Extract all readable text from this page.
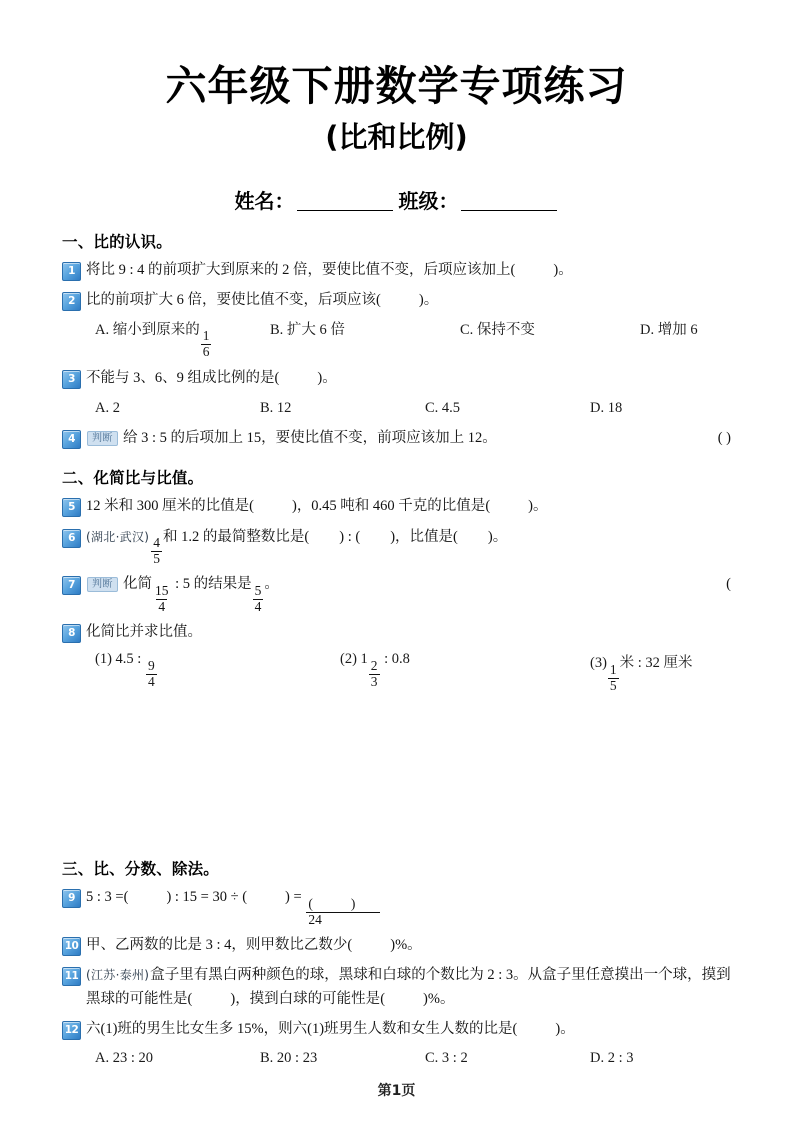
六年级下册数学专项练习
(比和比例)
姓名：	班级：
一、比的认识。
1 将比 9 : 4 的前项扩大到原来的 2 倍，要使比值不变，后项应该加上 (  )	。
2 比的前项扩大 6 倍，要使比值不变，后项应该 (  )	。
A. 缩小到原来的 $\frac{1}{6}$	B. 扩大 6 倍	C. 保持不变	D. 增加 6
3 不能与 3、6、9 组成比例的是 (  )	。
A. 2	B. 12	C. 4.5	D. 18
4	判断 给 3 : 5 的后项加上 15，要使比值不变，前项应该加上 12。	( )
二、化简比与比值。
5 12 米和 300 厘米的比值是 (  )	，0.45 吨和 460 千克的比值是 (  )	。
6 (湖北·武汉) $\frac{4}{5}$ 和 1.2 的最简整数比是 (  )	: (  )	，比值是 (  )	。
7	判断 化简 $\frac{15}{4}$ : 5 的结果是 $\frac{5}{4}$ 。	(
8 化简比并求比值。
(1) 4.5 : $\frac{9}{4}$	(2) $1 \frac{2}{3}$ : 0.8	$(3) \frac{1}{5}$ 米 : 32 厘米
三、比、分数、除法。
9 5 : 3 = (  )	: 15 = 30 ÷ (  )	=
(  )
24
10 甲、乙两数的比是 3 : 4，则甲数比乙数少 (  )	%。
11 (江苏·泰州)盒子里有黑白两种颜色的球，黑球和白球的个数比为 2 : 3。从盒子里任意摸出一个球，摸到黑球的可能性是 (  )	，摸到白球的可能性是 (  )	%。
12 六(1)班的男生比女生多 15%，则六(1)班男生人数和女生人数的比是 (  )	。
A. 23 : 20	B. 20 : 23	C. 3 : 2	D. 2 : 3
第1页
